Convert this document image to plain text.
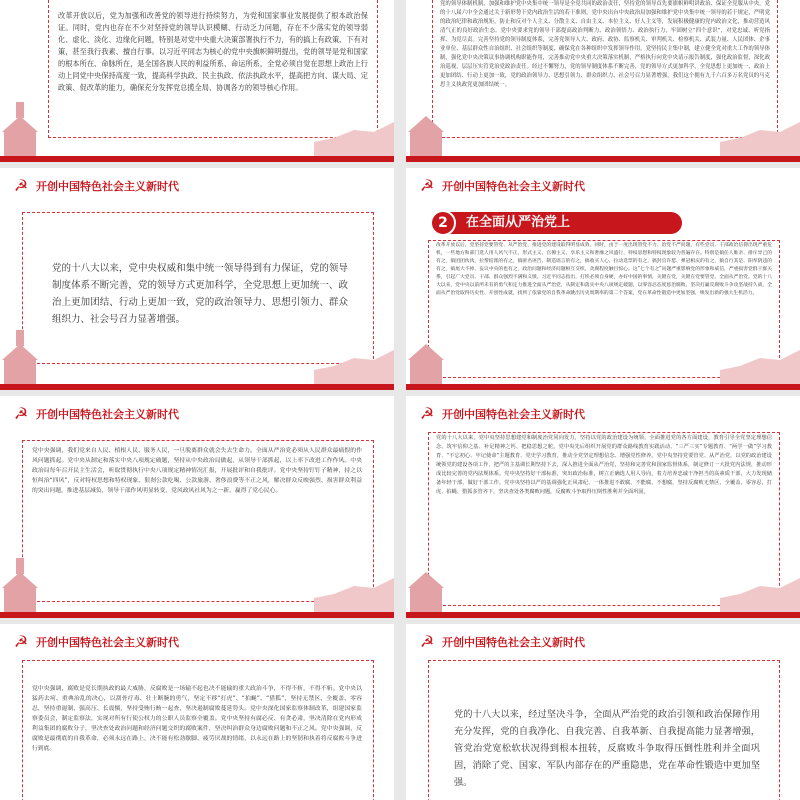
改革开放以后，党为加强和改善党的领导进行持续努力，为党和国家事业发展提供了根本政治保证。同时，党内也存在不少对坚持党的领导认识模糊、行动乏力问题，存在不少落实党的领导弱化、虚化、淡化、边缘化问题，特别是对党中央重大决策部署执行不力，有的搞上有政策、下有对策，甚至我行我素、擅自行事。以习近平同志为核心的党中央旗帜鲜明提出，党的领导是党和国家的根本所在、命脉所在，是全国各族人民的利益所系、命运所系，全党必须自觉在思想上政治上行动上同党中央保持高度一致，提高科学执政、民主执政、依法执政水平，提高把方向、谋大局、定政策、促改革的能力，确保充分发挥党总揽全局、协调各方的领导核心作用。
党的领导体制机制，加强和维护党中央集中统一领导是全党共同的政治责任，坚持党的领导首先要旗帜鲜明讲政治、保证全党服从中央。党的十八届六中全会通过关于新形势下党内政治生活的若干准则，党中央出台中央政治局加强和维护党中央集中统一领导的若干规定，严明党的政治纪律和政治规矩，防止和反对个人主义、分散主义、自由主义、本位主义、好人主义等，发展积极健康的党内政治文化，推动营造风清气正的良好政治生态。党中央要求党的领导干部提高政治判断力、政治领悟力、政治执行力，牢固树立“四个意识”，对党忠诚、听党指挥、为党尽责。完善坚持党的领导制度体系，完善党领导人大、政府、政协、监察机关、审判机关、检察机关、武装力量、人民团体、企事业单位、基层群众性自治组织、社会组织等制度，确保党在各种组织中发挥领导作用。党坚持民主集中制，建立健全党对重大工作的领导体制，强化党中央决策议事协调机构职能作用，完善推动党中央重大决策落实机制，严格执行向党中央请示报告制度，强化政治监督，深化政治巡视，层层压实管党治党政治责任。经过不懈努力，党的领导制度体系不断完善，党的领导方式更加科学，全党思想上更加统一、政治上更加团结、行动上更加一致，党的政治领导力、思想引领力、群众组织力、社会号召力显著增强，我们这个拥有九千六百多万名党员的马克思主义执政党更加团结统一。
☭ 开创中国特色社会主义新时代
党的十八大以来，党中央权威和集中统一领导得到有力保证，党的领导制度体系不断完善，党的领导方式更加科学，全党思想上更加统一、政治上更加团结、行动上更加一致，党的政治领导力、思想引领力、群众组织力、社会号召力显著增强。
☭ 开创中国特色社会主义新时代
2	在全面从严治党上
改革开放以后，党坚持党要管党、从严治党，推进党的建设取得明显成效。同时，由于一度出现管党不力、治党不严问题，有些党员、干部政治信仰出现严重危机，一些地方和部门选人用人风气不正，形式主义、官僚主义、享乐主义和奢靡之风盛行，特权思想和特权现象较为普遍存在。特别是搞任人唯亲、排斥异己的有之，搞团团伙伙、拉帮结派的有之，搞匿名诬告、制造谣言的有之，搞收买人心、拉动选票的有之，搞封官许愿、弹冠相庆的有之，搞自行其是、阳奉阴违的有之，搞尾大不掉、妄议中央的也有之，政治问题和经济问题相互交织，贪腐程度触目惊心。这“七个有之”问题严重影响党的形象和威信，严重损害党群干群关系，引起广大党员、干部、群众强烈不满和义愤。习近平同志指出，打铁必须自身硬，办好中国的事情，关键在党，关键在党要管党、全面从严治党。党的十八大以来，党中央以前所未有的勇气和定力推进全面从严治党，从制定和落实中央八项规定破题，以零容忍态度惩治腐败，坚决打赢反腐败斗争攻坚战持久战，全面从严治党取得历史性、开创性成就，找到了依靠党的自我革命跳出历史周期率的第二个答案，党在革命性锻造中更加坚强，焕发出新的强大生机活力。
☭ 开创中国特色社会主义新时代
党中央强调，我们党来自人民、植根人民、服务人民，一旦脱离群众就会失去生命力。全面从严治党必须从人民群众最痛恨的作风问题抓起。党中央从制定和落实中央八项规定破题，坚持从中央政治局做起，从领导干部抓起，以上率下改进工作作风。中央政治局每年召开民主生活会，听取贯彻执行中央八项规定精神情况汇报，开展批评和自我批评。党中央坚持钉钉子精神，持之以恒纠治“四风”，反对特权思想和特权现象，狠刹公款吃喝、公款旅游、奢侈浪费等不正之风，解决群众反映强烈、损害群众利益的突出问题，推进基层减负，领导干部作风明显转变，党风政风社风为之一新，赢得了党心民心。
☭ 开创中国特色社会主义新时代
党的十八大以来，党中央坚持思想建党和制度治党同向发力，坚持以党的政治建设为统领，全面推进党的各方面建设，教育引导全党坚定理想信念、筑牢信仰之基、补足精神之钙、把稳思想之舵。党中央先后组织开展党的群众路线教育实践活动、“三严三实”专题教育、“两学一做”学习教育、“不忘初心、牢记使命”主题教育、党史学习教育，推动全党坚定理想信念、增强党性修养。党中央坚持党要管党、从严治党，以党的政治建设统领党的建设各项工作，把严的主基调长期坚持下去，深入推进全面从严治党，坚持和完善党和国家监督体系，制定修订一大批党内法规，推动形成比较完善的党内法规体系。党中央坚持好干部标准，突出政治标准，树立正确选人用人导向，着力培养忠诚干净担当的高素质干部，大力发现储备年轻干部，做好干部工作。党中央坚持以严的基调强化正风肃纪，一体推进不敢腐、不能腐、不想腐，坚持反腐败无禁区、全覆盖、零容忍，打虎、拍蝇、猎狐多管齐下，坚决查处各类腐败问题，反腐败斗争取得压倒性胜利并全面巩固。
☭ 开创中国特色社会主义新时代
党中央强调，腐败是党长期执政的最大威胁，反腐败是一场输不起也决不能输的重大政治斗争，不得不斩，不得不斩。党中央以猛药去疴、重典治乱的决心，以刮骨疗毒、壮士断腕的勇气，坚定不移“打虎”、“拍蝇”、“猎狐”，坚持无禁区、全覆盖、零容忍，坚持重遏制、强高压、长震慑，坚持受贿行贿一起查，坚决遏制腐败蔓延势头。党中央深化国家监察体制改革，组建国家监察委员会，制定监察法，实现对所有行使公权力的公职人员监察全覆盖。党中央坚持有腐必反、有贪必肃，坚决清除在党内形成利益集团的腐败分子，坚决查处政治问题和经济问题交织的腐败案件，坚决纠治群众身边腐败问题和不正之风。党中央强调，反腐败是最彻底的自我革命，必须永远在路上，决不能有松劲歇脚、疲劳厌战的情绪，以永远在路上的坚韧和执着将反腐败斗争进行到底。
☭ 开创中国特色社会主义新时代
党的十八大以来，经过坚决斗争，全面从严治党的政治引领和政治保障作用充分发挥，党的自我净化、自我完善、自我革新、自我提高能力显著增强，管党治党宽松软状况得到根本扭转，反腐败斗争取得压倒性胜利并全面巩固，消除了党、国家、军队内部存在的严重隐患，党在革命性锻造中更加坚强。
